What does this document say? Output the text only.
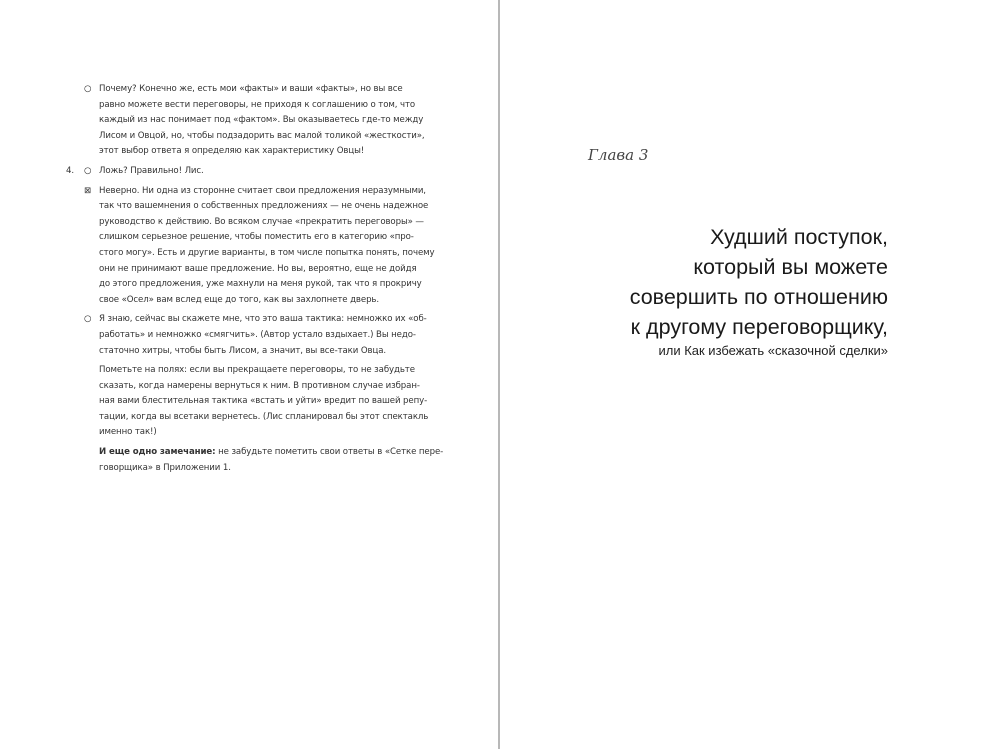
○ Почему? Конечно же, есть мои «факты» и ваши «факты», но вы все
равно можете вести переговоры, не приходя к соглашению о том, что
каждый из нас понимает под «фактом». Вы оказываетесь где-то между
Лисом и Овцой, но, чтобы подзадорить вас малой толикой «жесткости»,
этот выбор ответа я определяю как характеристику Овцы!
4. ○ Ложь? Правильно! Лис.
⊠ Неверно. Ни одна из сторонне считает свои предложения неразумными,
так что вашемнения о собственных предложениях — не очень надежное
руководство к действию. Во всяком случае «прекратить переговоры» —
слишком серьезное решение, чтобы поместить его в категорию «про-
стого могу». Есть и другие варианты, в том числе попытка понять, почему
они не принимают ваше предложение. Но вы, вероятно, еще не дойдя
до этого предложения, уже махнули на меня рукой, так что я прокричу
свое «Осел» вам вслед еще до того, как вы захлопнете дверь.
○ Я знаю, сейчас вы скажете мне, что это ваша тактика: немножко их «об-
работать» и немножко «смягчить». (Автор устало вздыхает.) Вы недо-
статочно хитры, чтобы быть Лисом, а значит, вы все-таки Овца.
Пометьте на полях: если вы прекращаете переговоры, то не забудьте
сказать, когда намерены вернуться к ним. В противном случае избран-
ная вами блестительная тактика «встать и уйти» вредит по вашей репу-
тации, когда вы всетаки вернетесь. (Лис спланировал бы этот спектакль
именно так!)
И еще одно замечание: не забудьте пометить свои ответы в «Сетке пере-
говорщика» в Приложении 1.
Глава 3
Худший поступок,
который вы можете
совершить по отношению
к другому переговорщику,
или Как избежать «сказочной сделки»
